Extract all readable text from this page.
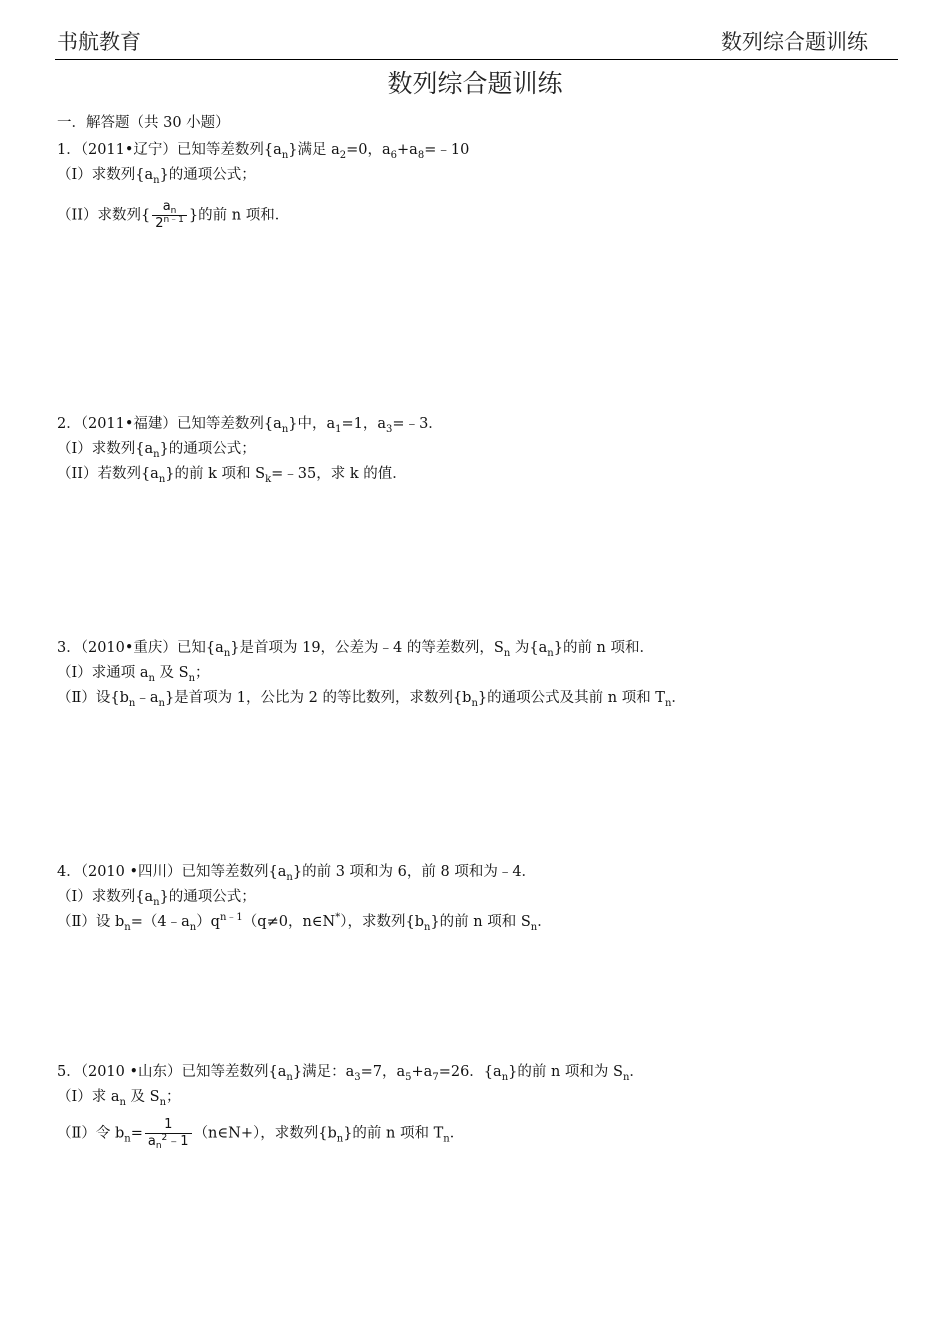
书航教育	数列综合题训练
数列综合题训练
一．解答题（共 30 小题）
1．（2011•辽宁）已知等差数列$\{a_n\}$满足 $a_2=0$，$a_6+a_8=﹣10$
（I）求数列$\{a_n\}$的通项公式；
（II）求数列{ $\frac{a_n}{2^{n﹣1}}$ }的前 n 项和．
2．（2011•福建）已知等差数列$\{a_n\}$中，$a_1=1$，$a_3=﹣3$．
（I）求数列$\{a_n\}$的通项公式；
（II）若数列$\{a_n\}$的前 k 项和 $S_k=﹣35$，求 k 的值．
3．（2010•重庆）已知$\{a_n\}$是首项为 19，公差为﹣4 的等差数列，$S_n$ 为$\{a_n\}$的前 n 项和．
（Ⅰ）求通项 $a_n$ 及 $S_n$；
（Ⅱ）设$\{b_n﹣a_n\}$是首项为 1，公比为 2 的等比数列，求数列$\{b_n\}$的通项公式及其前 n 项和 $T_n$．
4．（2010 •四川）已知等差数列$\{a_n\}$的前 3 项和为 6，前 8 项和为﹣4．
（Ⅰ）求数列$\{a_n\}$的通项公式；
（Ⅱ）设 $b_n=(4﹣a_n)q^{n﹣1}(q\ne 0$，n∈N*），求数列$\{b_n\}$的前 n 项和 $S_n$．
5．（2010 •山东）已知等差数列$\{a_n\}$满足：$a_3=7$，$a_5+a_7=26$．$\{a_n\}$的前 n 项和为 $S_n$．
（Ⅰ）求 $a_n$ 及 $S_n$；
（Ⅱ）令 $b_n= \frac{1}{a_n^2﹣1}$ （n∈N+），求数列$\{b_n\}$的前 n 项和 $T_n$．
